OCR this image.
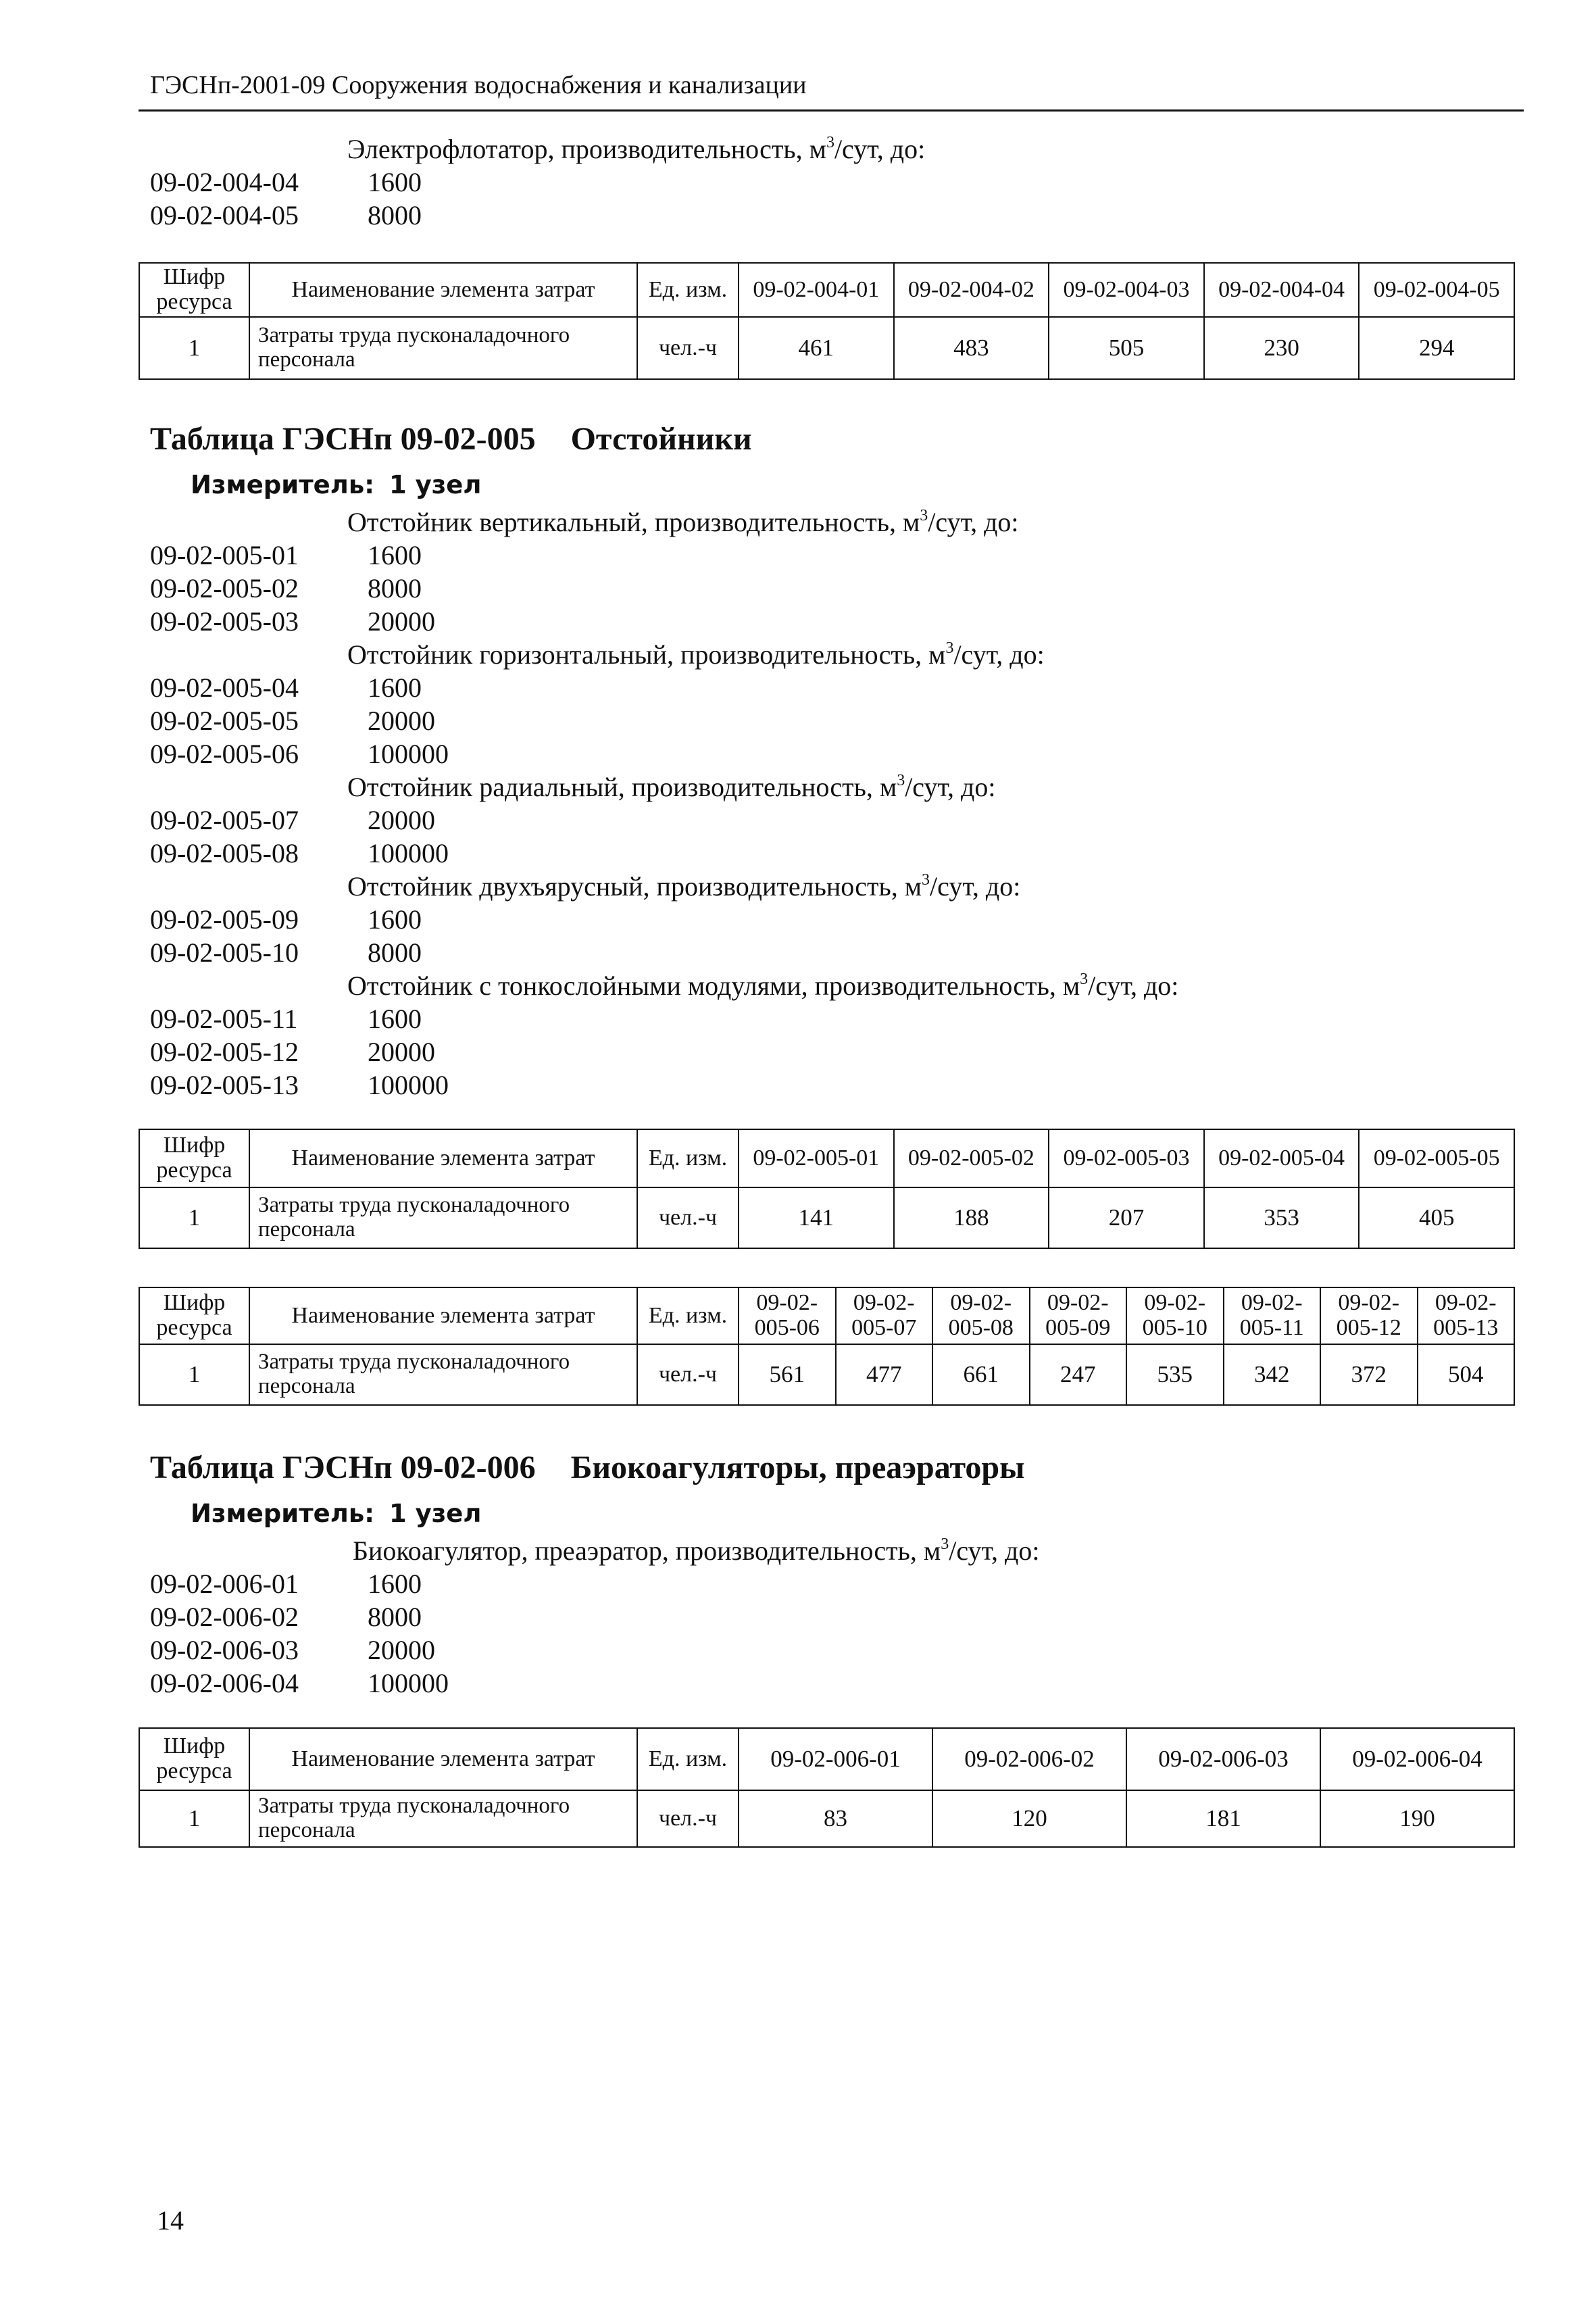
ГЭСНп-2001-09 Сооружения водоснабжения и канализации
Электрофлотатор, производительность, $м^3$/сут, до:
09-02-004-04	1600
09-02-004-05	8000
Шифр ресурса	Наименование элемента затрат	Ед. изм.	09-02-004-01	09-02-004-02	09-02-004-03	09-02-004-04	09-02-004-05
1	Затраты труда пусконаладочного персонала	чел.-ч	461	483	505	230	294
Таблица ГЭСНп 09-02-005 Отстойники
Измеритель: 1 узел
Отстойник вертикальный, производительность, $м^3$/сут, до:
09-02-005-01	1600
09-02-005-02	8000
09-02-005-03	20000
Отстойник горизонтальный, производительность, $м^3$/сут, до:
09-02-005-04	1600
09-02-005-05	20000
09-02-005-06	100000
Отстойник радиальный, производительность, $м^3$/сут, до:
09-02-005-07	20000
09-02-005-08	100000
Отстойник двухъярусный, производительность, $м^3$/сут, до:
09-02-005-09	1600
09-02-005-10	8000
Отстойник с тонкослойными модулями, производительность, $м^3$/сут, до:
09-02-005-11	1600
09-02-005-12	20000
09-02-005-13	100000
Шифр ресурса	Наименование элемента затрат	Ед. изм.	09-02-005-01	09-02-005-02	09-02-005-03	09-02-005-04	09-02-005-05
1	Затраты труда пусконаладочного персонала	чел.-ч	141	188	207	353	405
Шифр ресурса	Наименование элемента затрат	Ед. изм.	09-02-005-06	09-02-005-07	09-02-005-08	09-02-005-09	09-02-005-10	09-02-005-11	09-02-005-12	09-02-005-13
1	Затраты труда пусконаладочного персонала	чел.-ч	561	477	661	247	535	342	372	504
Таблица ГЭСНп 09-02-006 Биокоагуляторы, преаэраторы
Измеритель: 1 узел
Биокоагулятор, преаэратор, производительность, $м^3$/сут, до:
09-02-006-01	1600
09-02-006-02	8000
09-02-006-03	20000
09-02-006-04	100000
Шифр ресурса	Наименование элемента затрат	Ед. изм.	09-02-006-01	09-02-006-02	09-02-006-03	09-02-006-04
1	Затраты труда пусконаладочного персонала	чел.-ч	83	120	181	190
14
